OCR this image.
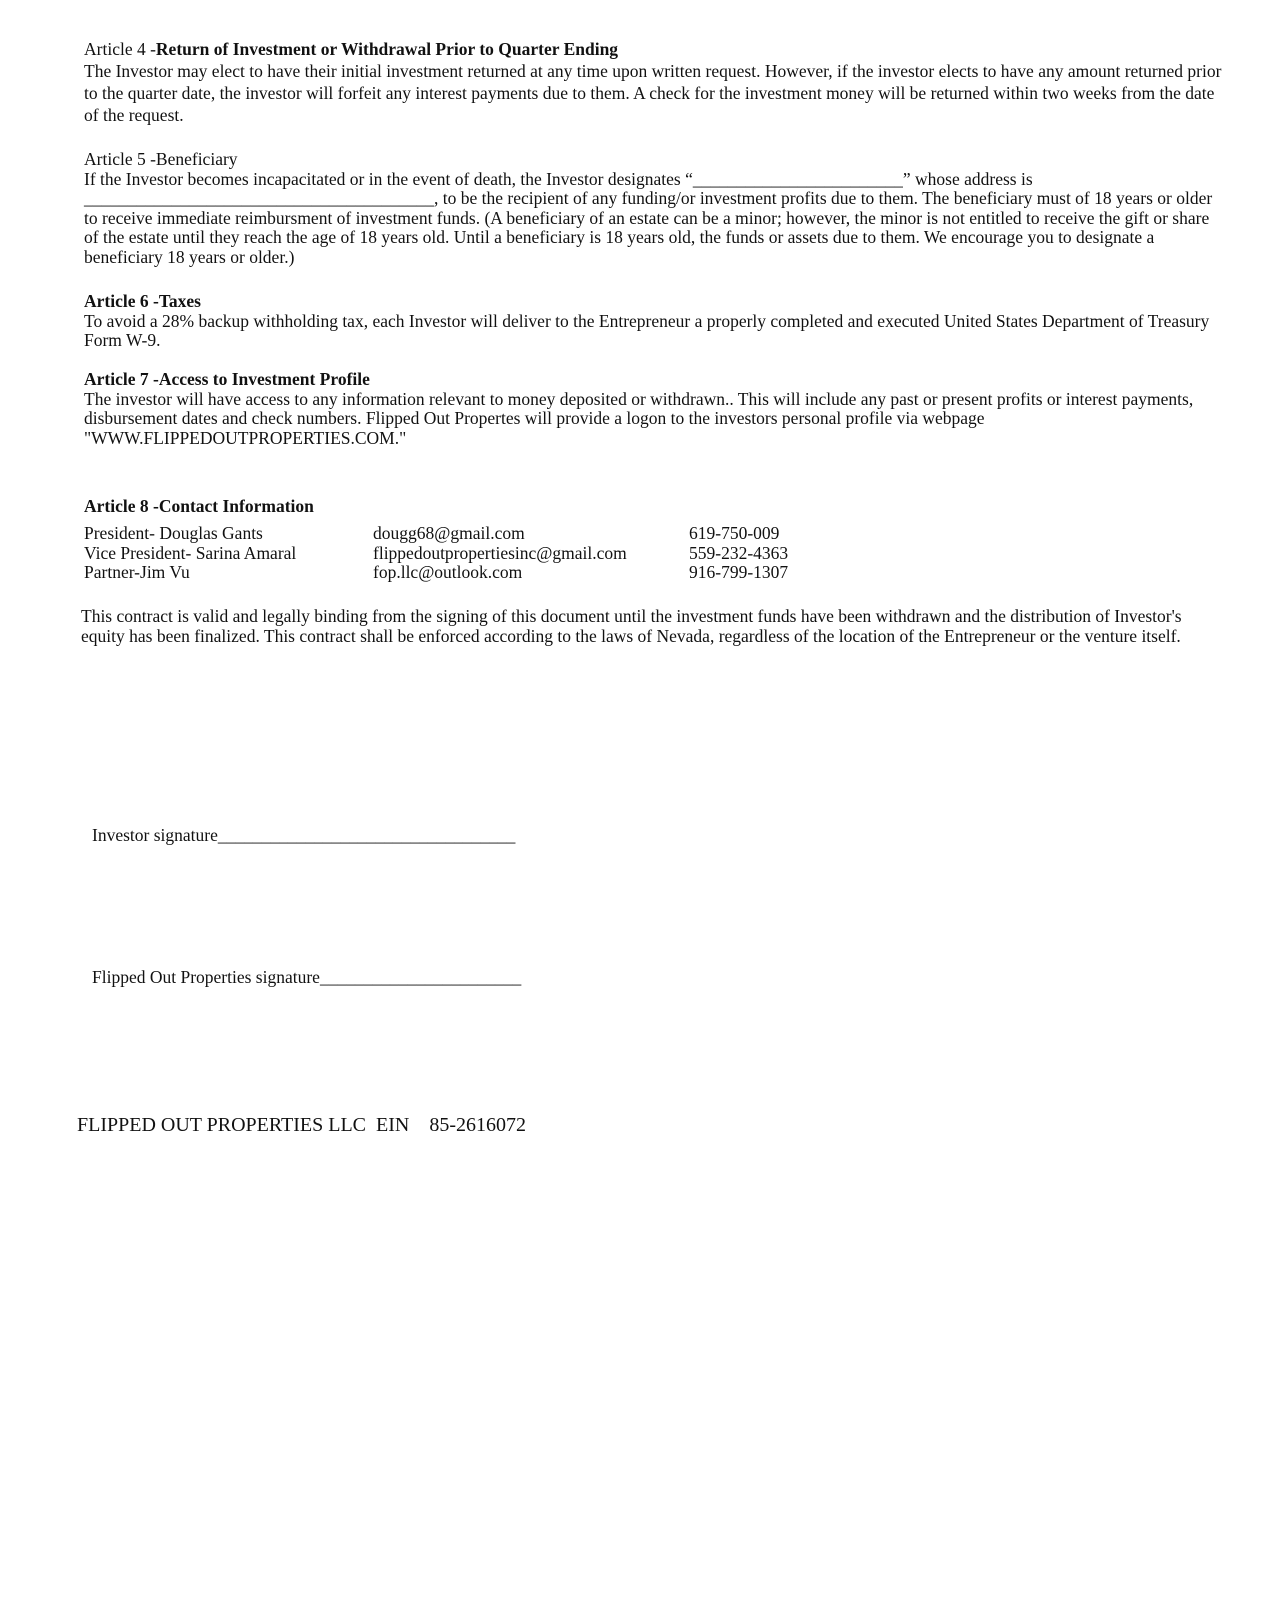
Article 4 -Return of Investment or Withdrawal Prior to Quarter Ending
The Investor may elect to have their initial investment returned at any time upon written request. However, if the investor elects to have any amount returned prior to the quarter date, the investor will forfeit any interest payments due to them. A check for the investment money will be returned within two weeks from the date of the request.
Article 5 -Beneficiary
If the Investor becomes incapacitated or in the event of death, the Investor designates “________________________” whose address is ________________________________________, to be the recipient of any funding/or investment profits due to them. The beneficiary must of 18 years or older to receive immediate reimbursment of investment funds. (A beneficiary of an estate can be a minor; however, the minor is not entitled to receive the gift or share of the estate until they reach the age of 18 years old. Until a beneficiary is 18 years old, the funds or assets due to them. We encourage you to designate a beneficiary 18 years or older.)
Article 6 -Taxes
To avoid a 28% backup withholding tax, each Investor will deliver to the Entrepreneur a properly completed and executed United States Department of Treasury Form W-9.
Article 7 -Access to Investment Profile
The investor will have access to any information relevant to money deposited or withdrawn.. This will include any past or present profits or interest payments, disbursement dates and check numbers. Flipped Out Propertes will provide a logon to the investors personal profile via webpage "WWW.FLIPPEDOUTPROPERTIES.COM."
Article 8 -Contact Information
President- Douglas Gants	dougg68@gmail.com	619-750-009
Vice President- Sarina Amaral	flippedoutpropertiesinc@gmail.com	559-232-4363
Partner-Jim Vu	fop.llc@outlook.com	916-799-1307
This contract is valid and legally binding from the signing of this document until the investment funds have been withdrawn and the distribution of Investor's equity has been finalized. This contract shall be enforced according to the laws of Nevada, regardless of the location of the Entrepreneur or the venture itself.
Investor signature__________________________________
Flipped Out Properties signature_______________________
FLIPPED OUT PROPERTIES LLC  EIN    85-2616072
